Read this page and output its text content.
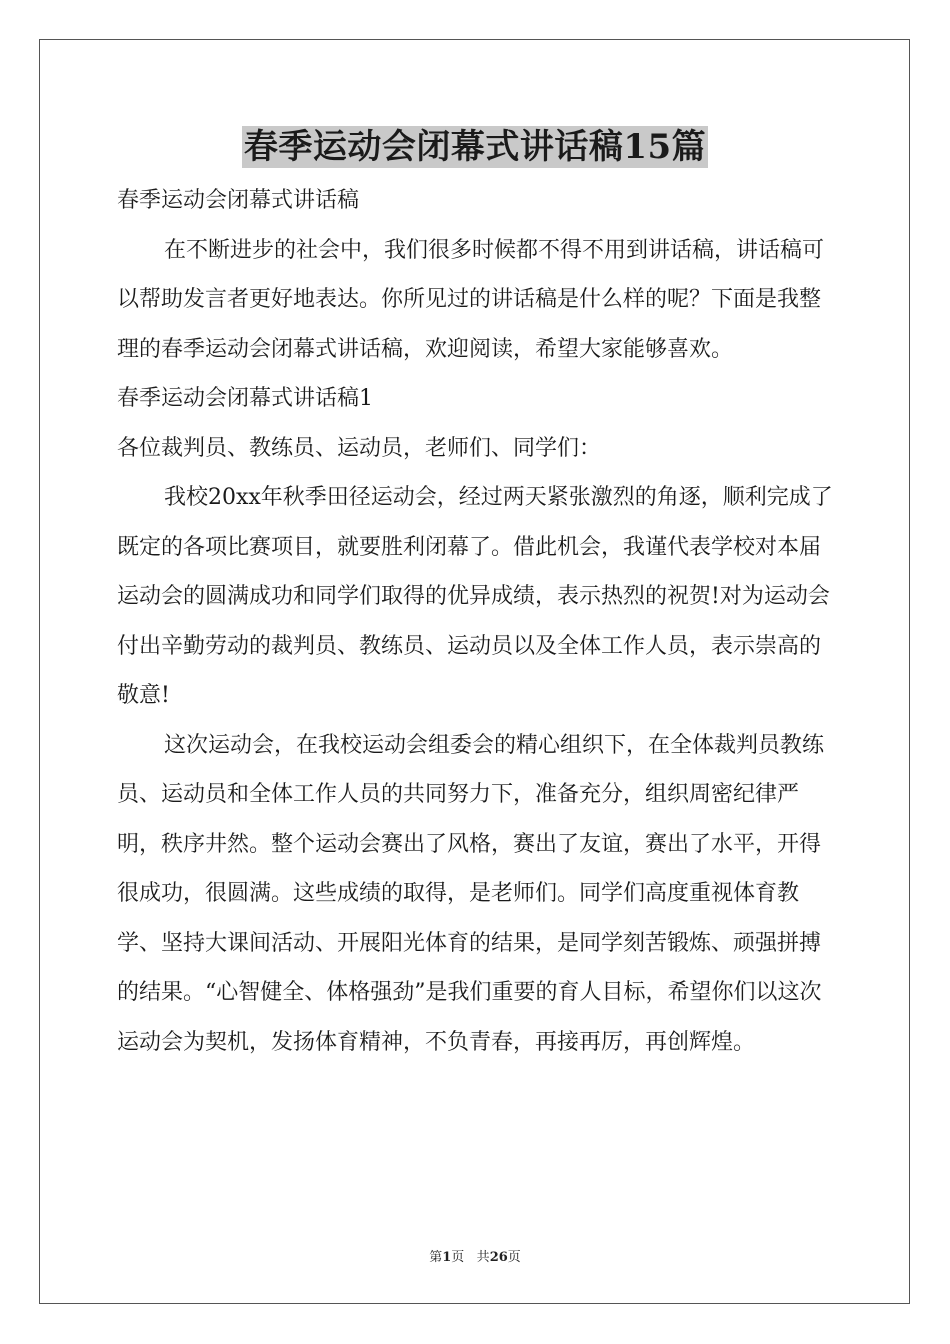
春季运动会闭幕式讲话稿15篇

春季运动会闭幕式讲话稿

在不断进步的社会中，我们很多时候都不得不用到讲话稿，讲话稿可以帮助发言者更好地表达。你所见过的讲话稿是什么样的呢？下面是我整理的春季运动会闭幕式讲话稿，欢迎阅读，希望大家能够喜欢。

春季运动会闭幕式讲话稿1

各位裁判员、教练员、运动员，老师们、同学们：

我校20xx年秋季田径运动会，经过两天紧张激烈的角逐，顺利完成了既定的各项比赛项目，就要胜利闭幕了。借此机会，我谨代表学校对本届运动会的圆满成功和同学们取得的优异成绩，表示热烈的祝贺!对为运动会付出辛勤劳动的裁判员、教练员、运动员以及全体工作人员，表示崇高的敬意!

这次运动会，在我校运动会组委会的精心组织下，在全体裁判员教练员、运动员和全体工作人员的共同努力下，准备充分，组织周密纪律严明，秩序井然。整个运动会赛出了风格，赛出了友谊，赛出了水平，开得很成功，很圆满。这些成绩的取得，是老师们。同学们高度重视体育教学、坚持大课间活动、开展阳光体育的结果，是同学刻苦锻炼、顽强拼搏的结果。“心智健全、体格强劲”是我们重要的育人目标，希望你们以这次运动会为契机，发扬体育精神，不负青春，再接再厉，再创辉煌。

第1页 共26页
